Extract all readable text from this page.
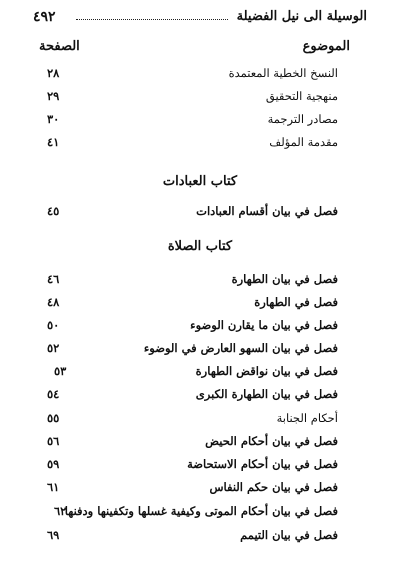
الوسيلة الى نيل الفضيلة
٤٩٢
الموضوع
الصفحة
النسخ الخطية المعتمدة
٢٨
منهجية التحقيق
٢٩
مصادر الترجمة
٣٠
مقدمة المؤلف
٤١
كتاب العبادات
فصل في بيان أقسام العبادات
٤٥
كتاب الصلاة
فصل في بيان الطهارة
٤٦
فصل في الطهارة
٤٨
فصل في بيان ما يقارن الوضوء
٥٠
فصل في بيان السهو العارض في الوضوء
٥٢
فصل في بيان نواقض الطهارة
٥٣
فصل في بيان الطهارة الكبرى
٥٤
أحكام الجنابة
٥٥
فصل في بيان أحكام الحيض
٥٦
فصل في بيان أحكام الاستحاضة
٥٩
فصل في بيان حكم النفاس
٦١
فصل في بيان أحكام الموتى وكيفية غسلها وتكفينها ودفنها
٦٢
فصل في بيان التيمم
٦٩
